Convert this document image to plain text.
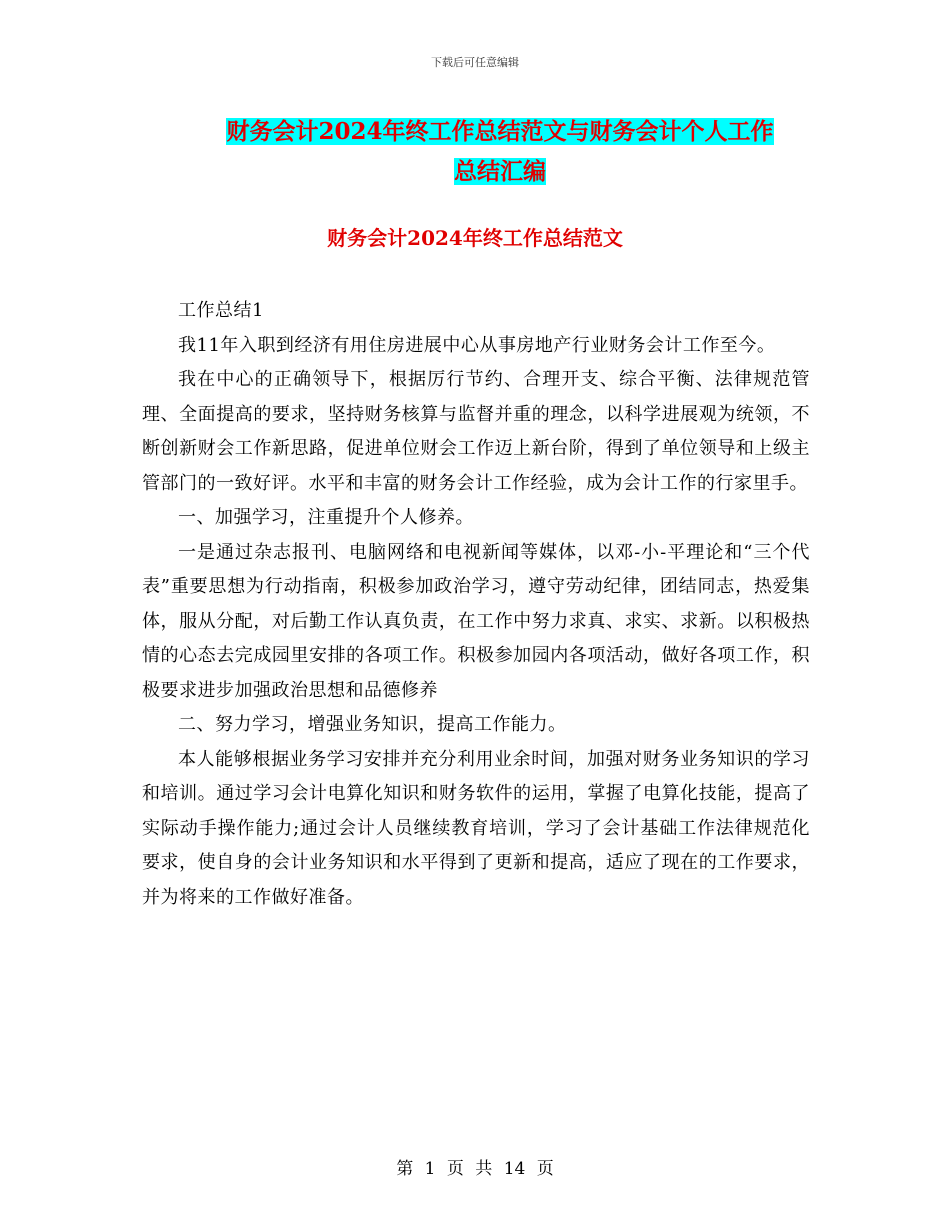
下载后可任意编辑
财务会计2024年终工作总结范文与财务会计个人工作
总结汇编
财务会计2024年终工作总结范文

工作总结1

我11年入职到经济有用住房进展中心从事房地产行业财务会计工作至今。

我在中心的正确领导下，根据厉行节约、合理开支、综合平衡、法律规范管理、全面提高的要求，坚持财务核算与监督并重的理念，以科学进展观为统领，不断创新财会工作新思路，促进单位财会工作迈上新台阶，得到了单位领导和上级主管部门的一致好评。水平和丰富的财务会计工作经验，成为会计工作的行家里手。

一、加强学习，注重提升个人修养。

一是通过杂志报刊、电脑网络和电视新闻等媒体，以邓-小-平理论和“三个代表”重要思想为行动指南，积极参加政治学习，遵守劳动纪律，团结同志，热爱集体，服从分配，对后勤工作认真负责，在工作中努力求真、求实、求新。以积极热情的心态去完成园里安排的各项工作。积极参加园内各项活动，做好各项工作，积极要求进步加强政治思想和品德修养

二、努力学习，增强业务知识，提高工作能力。

本人能够根据业务学习安排并充分利用业余时间，加强对财务业务知识的学习和培训。通过学习会计电算化知识和财务软件的运用，掌握了电算化技能，提高了实际动手操作能力;通过会计人员继续教育培训，学习了会计基础工作法律规范化要求，使自身的会计业务知识和水平得到了更新和提高，适应了现在的工作要求，并为将来的工作做好准备。

第 1 页 共 14 页
